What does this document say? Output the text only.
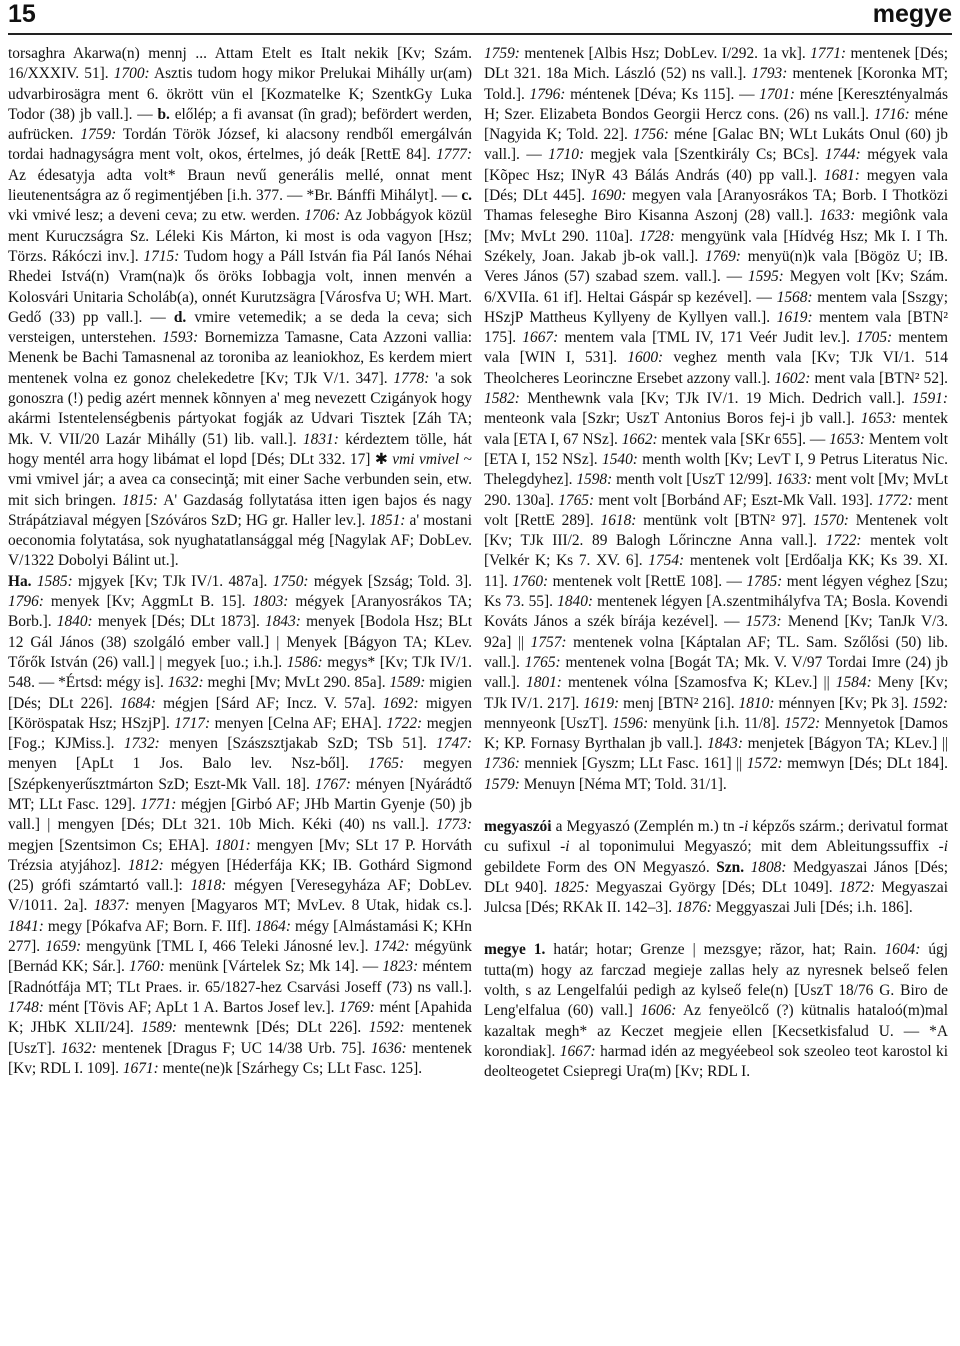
15	megye

torsaghra Akarwa(n) mennj ... Attam Etelt es Italt nekik [Kv; Szám. 16/XXXIV. 51]. 1700: Asztis tudom hogy mikor Prelukai Mihálly ur(am) udvarbirosägra ment 6. ökrött vün el [Kozmatelke K; SzentkGy Luka Todor (38) jb vall.]. — b. előlép; a fi avansat (în grad); befördert werden, aufrücken. 1759: Tordán Török József, ki alacsony rendből emergálván tordai hadnagyságra ment volt, okos, értelmes, jó deák [RettE 84]. 1777: Az édesatyja adta volt* Braun nevű generális mellé, onnat ment lieutenentságra az ő regimentjében [i.h. 377. — *Br. Bánffi Mihályt]. — c. vki vmivé lesz; a deveni ceva; zu etw. werden. 1706: Az Jobbágyok közül ment Kuruczságra Sz. Léleki Kis Márton, ki most is oda vagyon [Hsz; Törzs. Rákóczi inv.]. 1715: Tudom hogy a Páll István fia Pál Ianós Néhai Rhedei Istvá(n) Vram(na)k ős öröks Iobbagja volt, innen menvén a Kolosvári Unitaria Scholáb(a), onnét Kurutzsägra [Városfva U; WH. Mart. Gedő (33) pp vall.]. — d. vmire vetemedik; a se deda la ceva; sich versteigen, unterstehen. 1593: Bornemizza Tamasne, Cata Azzoni vallia: Menenk be Bachi Tamasnenal az toroniba az leaniokhoz, Es kerdem miert mentenek volna ez gonoz chelekedetre [Kv; TJk V/1. 347]. 1778: 'a sok gonoszra (!) pedig azért mennek kõnnyen a' meg nevezett Czigányok hogy akármi Istentelenségbenis pártyokat fogják az Udvari Tisztek [Záh TA; Mk. V. VII/20 Lazár Mihálly (51) lib. vall.]. 1831: kérdeztem tölle, hát hogy mentél arra hogy libámat el lopd [Dés; DLt 332. 17] ✱ vmi vmivel ~ vmi vmivel jár; a avea ca consecinţă; mit einer Sache verbunden sein, etw. mit sich bringen. 1815: A' Gazdaság follytatása itten igen bajos és nagy Strápátziaval mégyen [Szóváros SzD; HG gr. Haller lev.]. 1851: a' mostani oeconomia folytatása, sok nyughatatlansággal még [Nagylak AF; DobLev. V/1322 Dobolyi Bálint ut.].

Ha. 1585: mjgyek [Kv; TJk IV/1. 487a]. 1750: mégyek [Szság; Told. 3]. 1796: menyek [Kv; AggmLt B. 15]. 1803: mégyek [Aranyosrákos TA; Borb.]. 1840: menyek [Dés; DLt 1873]. 1843: menyek [Bodola Hsz; BLt 12 Gál János (38) szolgáló ember vall.] | Menyek [Bágyon TA; KLev. Tőrők István (26) vall.] | megyek [uo.; i.h.]. 1586: megys* [Kv; TJk IV/1. 548. — *Értsd: mégy is]. 1632: meghi [Mv; MvLt 290. 85a]. 1589: migien [Dés; DLt 226]. 1684: mégjen [Sárd AF; Incz. V. 57a]. 1692: migyen [Köröspatak Hsz; HSzjP]. 1717: menyen [Celna AF; EHA]. 1722: megjen [Fog.; KJMiss.]. 1732: menyen [Szászsztjakab SzD; TSb 51]. 1747: menyen [ApLt 1 Jos. Balo lev. Nsz-ből]. 1765: megyen [Szépkenyerűsztmárton SzD; Eszt-Mk Vall. 18]. 1767: ményen [Nyárádtő MT; LLt Fasc. 129]. 1771: mégjen [Girbó AF; JHb Martin Gyenje (50) jb vall.] | mengyen [Dés; DLt 321. 10b Mich. Kéki (40) ns vall.]. 1773: megjen [Szentsimon Cs; EHA]. 1801: mengyen [Mv; SLt 17 P. Horváth Trézsia atyjához]. 1812: mégyen [Héderfája KK; IB. Gothárd Sigmond (25) grófi számtartó vall.]: 1818: mégyen [Veresegyháza AF; DobLev. V/1011. 2a]. 1837: menyen [Magyaros MT; MvLev. 8 Utak, hidak cs.]. 1841: megy [Pókafva AF; Born. F. IIf]. 1864: mégy [Almástamási K; KHn 277]. 1659: mengyünk [TML I, 466 Teleki Jánosné lev.]. 1742: mégyünk [Bernád KK; Sár.]. 1760: menünk [Vártelek Sz; Mk 14]. — 1823: méntem [Radnótfája MT; TLt Praes. ir. 65/1827-hez Csarvási Joseff (73) ns vall.]. 1748: mént [Tövis AF; ApLt 1 A. Bartos Josef lev.]. 1769: mént [Apahida K; JHbK XLII/24]. 1589: mentewnk [Dés; DLt 226]. 1592: mentenek [UszT]. 1632: mentenek [Dragus F; UC 14/38 Urb. 75]. 1636: mentenek [Kv; RDL I. 109]. 1671: mente(ne)k [Szárhegy Cs; LLt Fasc. 125].

1759: mentenek [Albis Hsz; DobLev. I/292. 1a vk]. 1771: mentenek [Dés; DLt 321. 18a Mich. László (52) ns vall.]. 1793: mentenek [Koronka MT; Told.]. 1796: méntenek [Déva; Ks 115]. — 1701: méne [Keresztényalmás H; Szer. Elizabeta Bondos Georgii Hercz cons. (26) ns vall.]. 1716: méne [Nagyida K; Told. 22]. 1756: méne [Galac BN; WLt Lukáts Onul (60) jb vall.]. — 1710: megjek vala [Szentkirály Cs; BCs]. 1744: mégyek vala [Kõpec Hsz; INyR 43 Bálás András (40) pp vall.]. 1681: megyen vala [Dés; DLt 445]. 1690: megyen vala [Aranyosrákos TA; Borb. I Thotközi Thamas feleseghe Biro Kisanna Aszonj (28) vall.]. 1633: megiônk vala [Mv; MvLt 290. 110a]. 1728: mengyünk vala [Hídvég Hsz; Mk I. I Th. Székely, Joan. Jakab jb-ok vall.]. 1769: menyü(n)k vala [Bögöz U; IB. Veres János (57) szabad szem. vall.]. — 1595: Megyen volt [Kv; Szám. 6/XVIIa. 61 if]. Heltai Gáspár sp kezével]. — 1568: mentem vala [Sszgy; HSzjP Mattheus Kyllyeny de Kyllyen vall.]. 1619: mentem vala [BTN² 175]. 1667: mentem vala [TML IV, 171 Veér Judit lev.]. 1705: mentem vala [WIN I, 531]. 1600: veghez menth vala [Kv; TJk VI/1. 514 Theolcheres Leorinczne Ersebet azzony vall.]. 1602: ment vala [BTN² 52]. 1582: Menthewnk vala [Kv; TJk IV/1. 19 Mich. Dedrich vall.]. 1591: menteonk vala [Szkr; UszT Antonius Boros fej-i jb vall.]. 1653: mentek vala [ETA I, 67 NSz]. 1662: mentek vala [SKr 655]. — 1653: Mentem volt [ETA I, 152 NSz]. 1540: menth wolth [Kv; LevT I, 9 Petrus Literatus Nic. Thelegdyhez]. 1598: menth volt [UszT 12/99]. 1633: ment volt [Mv; MvLt 290. 130a]. 1765: ment volt [Borbánd AF; Eszt-Mk Vall. 193]. 1772: ment volt [RettE 289]. 1618: mentünk volt [BTN² 97]. 1570: Mentenek volt [Kv; TJk III/2. 89 Balogh Lőrinczne Anna vall.]. 1722: mentek volt [Velkér K; Ks 7. XV. 6]. 1754: mentenek volt [Erdőalja KK; Ks 39. XI. 11]. 1760: mentenek volt [RettE 108]. — 1785: ment légyen véghez [Szu; Ks 73. 55]. 1840: mentenek légyen [A.szentmihályfva TA; Bosla. Kovendi Kováts János a szék bírája kezével]. — 1573: Menend [Kv; TanJk V/3. 92a] || 1757: mentenek volna [Káptalan AF; TL. Sam. Szőlősi (50) lib. vall.]. 1765: mentenek volna [Bogát TA; Mk. V. V/97 Tordai Imre (24) jb vall.]. 1801: mentenek vólna [Szamosfva K; KLev.] || 1584: Meny [Kv; TJk IV/1. 217]. 1619: menj [BTN² 216]. 1810: ménnyen [Kv; Pk 3]. 1592: mennyeonk [UszT]. 1596: menyünk [i.h. 11/8]. 1572: Mennyetok [Damos K; KP. Fornasy Byrthalan jb vall.]. 1843: menjetek [Bágyon TA; KLev.] || 1736: menniek [Gyszm; LLt Fasc. 161] || 1572: memwyn [Dés; DLt 184]. 1579: Menuyn [Néma MT; Told. 31/1].

megyaszói a Megyaszó (Zemplén m.) tn -i képzős szárm.; derivatul format cu sufixul -i al toponimului Megyaszó; mit dem Ableitungssuffix -i gebildete Form des ON Megyaszó. Szn. 1808: Medgyaszai János [Dés; DLt 940]. 1825: Megyaszai György [Dés; DLt 1049]. 1872: Megyaszai Julcsa [Dés; RKAk II. 142–3]. 1876: Meggyaszai Juli [Dés; i.h. 186].

megye 1. határ; hotar; Grenze | mezsgye; răzor, hat; Rain. 1604: úgj tutta(m) hogy az farczad megieje zallas hely az nyresnek belseő felen volth, s az Lengelfalúi pedigh az kylseő fele(n) [UszT 18/76 G. Biro de Leng'elfalua (60) vall.] 1606: Az fenyeölcő (?) kütnalis hataloó(m)mal kazaltak megh* az Keczet megjeie ellen [Kecsetkisfalud U. — *A korondiak]. 1667: harmad idén az megyéebeol sok szeoleo teot karostol ki deolteogetet Csiepregi Ura(m) [Kv; RDL I.
